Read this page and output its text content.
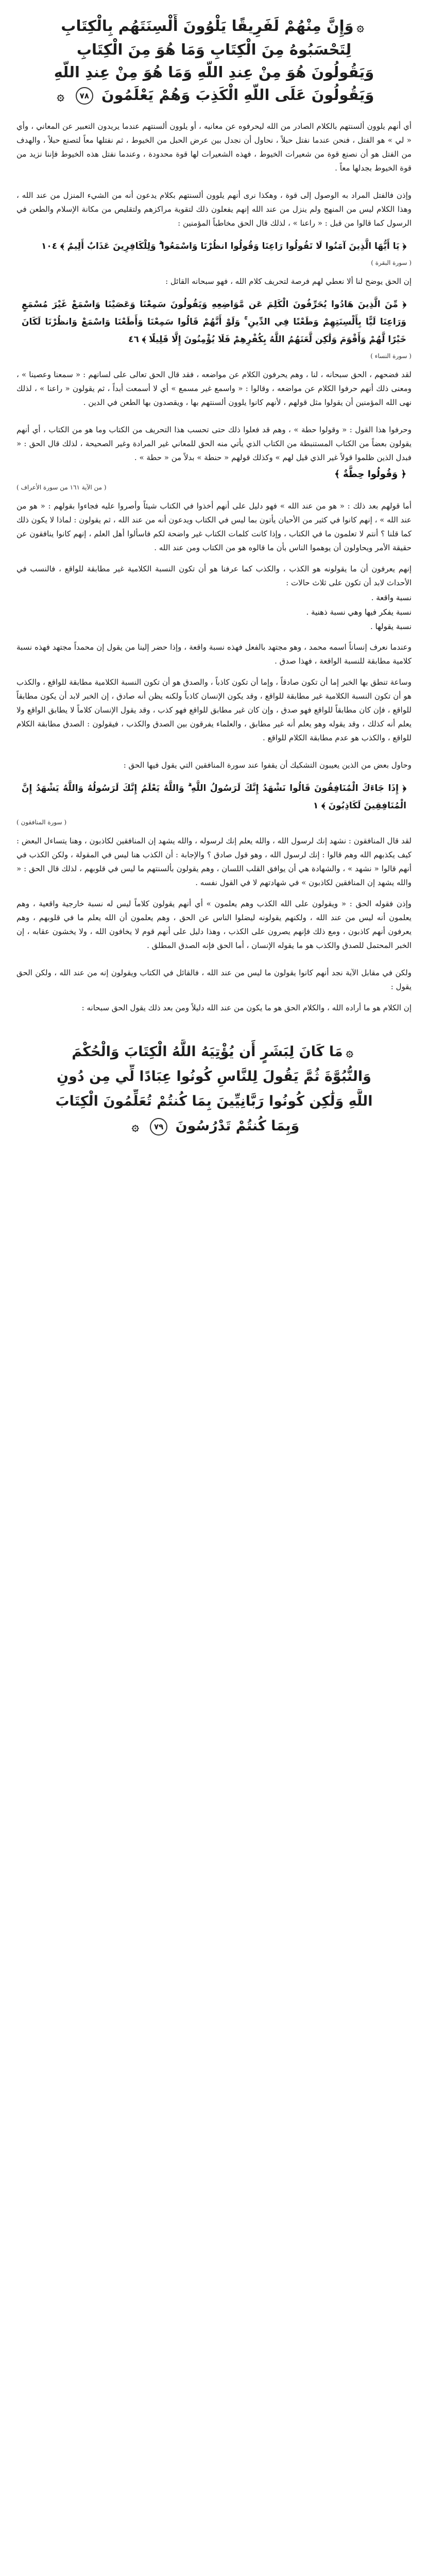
۞وَإِنَّ مِنْهُمْ لَفَرِيقًا يَلْوُونَ أَلْسِنَتَهُم بِالْكِتَابِ
لِتَحْسَبُوهُ مِنَ الْكِتَابِ وَمَا هُوَ مِنَ الْكِتَابِ
وَيَقُولُونَ هُوَ مِنْ عِندِ اللَّهِ وَمَا هُوَ مِنْ عِندِ اللَّهِ
وَيَقُولُونَ عَلَى اللَّهِ الْكَذِبَ وَهُمْ يَعْلَمُونَ ٧٨ ۞

أي أنهم يلوون ألسنتهم بالكلام الصادر من الله ليحرفوه عن معانيه ، أو يلوون ألسنتهم عندما يريدون التعبير عن المعاني ، وأي « لي » هو الفتل ، فنحن عندما نفتل حبلاً ، نحاول أن نجدل بين عرض الحبل من الخيوط ، ثم نفتلها معاً لتصنع حبلاً ، والهدف من الفتل هو أن نصنع قوة من شعيرات الخيوط ، فهذه الشعيرات لها قوة محدودة ، وعندما نفتل هذه الخيوط فإننا نزيد من قوة الخيوط بجدلها معاً .

وإذن فالفتل المراد به الوصول إلى قوة ، وهكذا نرى أنهم يلوون ألسنتهم بكلام يدعون أنه من الشيء المنزل من عند الله ، وهذا الكلام ليس من المنهج ولم ينزل من عند الله إنهم يفعلون ذلك لتقوية مراكزهم ولتقليص من مكانة الإسلام والطعن في الرسول كما قالوا من قبل : « راعنا » ، لذلك قال الحق مخاطباً المؤمنين :

﴿ يَا أَيُّهَا الَّذِينَ آمَنُوا لَا تَقُولُوا رَاعِنَا وَقُولُوا انظُرْنَا وَاسْمَعُوا ۗ وَلِلْكَافِرِينَ عَذَابٌ أَلِيمٌ ﴾ ١٠٤
( سورة البقرة )

إن الحق يوضح لنا ألا نعطي لهم فرصة لتحريف كلام الله ، فهو سبحانه القائل :

﴿ مِّنَ الَّذِينَ هَادُوا يُحَرِّفُونَ الْكَلِمَ عَن مَّوَاضِعِهِ وَيَقُولُونَ سَمِعْنَا وَعَصَيْنَا وَاسْمَعْ غَيْرَ مُسْمَعٍ وَرَاعِنَا لَيًّا بِأَلْسِنَتِهِمْ وَطَعْنًا فِي الدِّينِ ۚ وَلَوْ أَنَّهُمْ قَالُوا سَمِعْنَا وَأَطَعْنَا وَاسْمَعْ وَانظُرْنَا لَكَانَ خَيْرًا لَّهُمْ وَأَقْوَمَ وَلَٰكِن لَّعَنَهُمُ اللَّهُ بِكُفْرِهِمْ فَلَا يُؤْمِنُونَ إِلَّا قَلِيلًا ﴾ ٤٦
( سورة النساء )

لقد فضحهم ، الحق سبحانه ، لنا ، وهم يحرفون الكلام عن مواضعه ، فقد قال الحق تعالى على لسانهم : « سمعنا وعصينا » ، ومعنى ذلك أنهم حرفوا الكلام عن مواضعه ، وقالوا : « واسمع غير مسمع » أي لا أسمعت أبداً ، ثم يقولون « راعنا » ، لذلك نهى الله المؤمنين أن يقولوا مثل قولهم ، لأنهم كانوا يلوون ألسنتهم بها ، ويقصدون بها الطعن في الدين .

وحرفوا هذا القول : « وقولوا حطة » ، وهم قد فعلوا ذلك حتى تحسب هذا التحريف من الكتاب وما هو من الكتاب ، أي أنهم يقولون بعضاً من الكتاب المستنبطة من الكتاب الذي يأتي منه الحق للمعاني غير المرادة وغير الصحيحة ، لذلك قال الحق : « فبدل الذين ظلموا قولاً غير الذي قيل لهم » وكذلك قولهم « حنطة » بدلاً من « حطة » .

﴿ وَقُولُوا حِطَّةٌ ﴾
( من الآية ١٦١ من سورة الأعراف )

أما قولهم بعد ذلك : « هو من عند الله » فهو دليل على أنهم أخذوا في الكتاب شيئاً وأصروا عليه فجاءوا بقولهم : « هو من عند الله » ، إنهم كانوا في كثير من الأحيان يأتون بما ليس في الكتاب ويدعون أنه من عند الله ، ثم يقولون : لماذا لا يكون ذلك كما قلنا ؟ أنتم لا تعلمون ما في الكتاب ، وإذا كانت كلمات الكتاب غير واضحة لكم فاسألوا أهل العلم ، إنهم كانوا ينافقون عن حقيقة الأمر ويحاولون أن يوهموا الناس بأن ما قالوه هو من الكتاب ومن عند الله .

إنهم يعرفون أن ما يقولونه هو الكذب ، والكذب كما عرفنا هو أن تكون النسبة الكلامية غير مطابقة للواقع ، فالنسب في الأحداث لابد أن تكون على ثلاث حالات :

نسبة واقعة .
نسبة يفكر فيها وهي نسبة ذهنية .
نسبة يقولها .

وعندما نعرف إنساناً اسمه محمد ، وهو مجتهد بالفعل فهذه نسبة واقعة ، وإذا حضر إلينا من يقول إن محمداً مجتهد فهذه نسبة كلامية مطابقة للنسبة الواقعة ، فهذا صدق .

وساعة تنطق بها الخبر إما أن تكون صادقاً ، وإما أن تكون كاذباً ، والصدق هو أن تكون النسبة الكلامية مطابقة للواقع ، والكذب هو أن تكون النسبة الكلامية غير مطابقة للواقع ، وقد يكون الإنسان كاذباً ولكنه يظن أنه صادق ، إن الخبر لابد أن يكون مطابقاً للواقع ، فإن كان مطابقاً للواقع فهو صدق ، وإن كان غير مطابق للواقع فهو كذب ، وقد يقول الإنسان كلاماً لا يطابق الواقع ولا يعلم أنه كذلك ، وقد يقوله وهو يعلم أنه غير مطابق ، والعلماء يفرقون بين الصدق والكذب ، فيقولون : الصدق مطابقة الكلام للواقع ، والكذب هو عدم مطابقة الكلام للواقع .

وحاول بعض من الذين يعيبون التشكيك أن يقفوا عند سورة المنافقين التي يقول فيها الحق :

﴿ إِذَا جَاءَكَ الْمُنَافِقُونَ قَالُوا نَشْهَدُ إِنَّكَ لَرَسُولُ اللَّهِ ۗ وَاللَّهُ يَعْلَمُ إِنَّكَ لَرَسُولُهُ وَاللَّهُ يَشْهَدُ إِنَّ الْمُنَافِقِينَ لَكَاذِبُونَ ﴾ ١
( سورة المنافقون )

لقد قال المنافقون : نشهد إنك لرسول الله ، والله يعلم إنك لرسوله ، والله يشهد إن المنافقين لكاذبون ، وهنا يتساءل البعض : كيف يكذبهم الله وهم قالوا : إنك لرسول الله ، وهو قول صادق ؟ والإجابة : أن الكذب هنا ليس في المقولة ، ولكن الكذب في أنهم قالوا « نشهد » ، والشهادة هي أن يوافق القلب اللسان ، وهم يقولون بألسنتهم ما ليس في قلوبهم ، لذلك قال الحق : « والله يشهد إن المنافقين لكاذبون » في شهادتهم لا في القول نفسه .

وإذن فقوله الحق : « ويقولون على الله الكذب وهم يعلمون » أي أنهم يقولون كلاماً ليس له نسبة خارجية واقعية ، وهم يعلمون أنه ليس من عند الله ، ولكنهم يقولونه ليضلوا الناس عن الحق ، وهم يعلمون أن الله يعلم ما في قلوبهم ، وهم يعرفون أنهم كاذبون ، ومع ذلك فإنهم يصرون على الكذب ، وهذا دليل على أنهم قوم لا يخافون الله ، ولا يخشون عقابه ، إن الخبر المحتمل للصدق والكذب هو ما يقوله الإنسان ، أما الحق فإنه الصدق المطلق .

ولكن في مقابل الآية نجد أنهم كانوا يقولون ما ليس من عند الله ، فالقائل في الكتاب ويقولون إنه من عند الله ، ولكن الحق يقول :

إن الكلام هو ما أراده الله ، والكلام الحق هو ما يكون من عند الله دليلاً ومن بعد ذلك يقول الحق سبحانه :

۞مَا كَانَ لِبَشَرٍ أَن يُؤْتِيَهُ اللَّهُ الْكِتَابَ وَالْحُكْمَ
وَالنُّبُوَّةَ ثُمَّ يَقُولَ لِلنَّاسِ كُونُوا عِبَادًا لِّي مِن دُونِ
اللَّهِ وَلَٰكِن كُونُوا رَبَّانِيِّينَ بِمَا كُنتُمْ تُعَلِّمُونَ الْكِتَابَ
وَبِمَا كُنتُمْ تَدْرُسُونَ ٧٩ ۞
